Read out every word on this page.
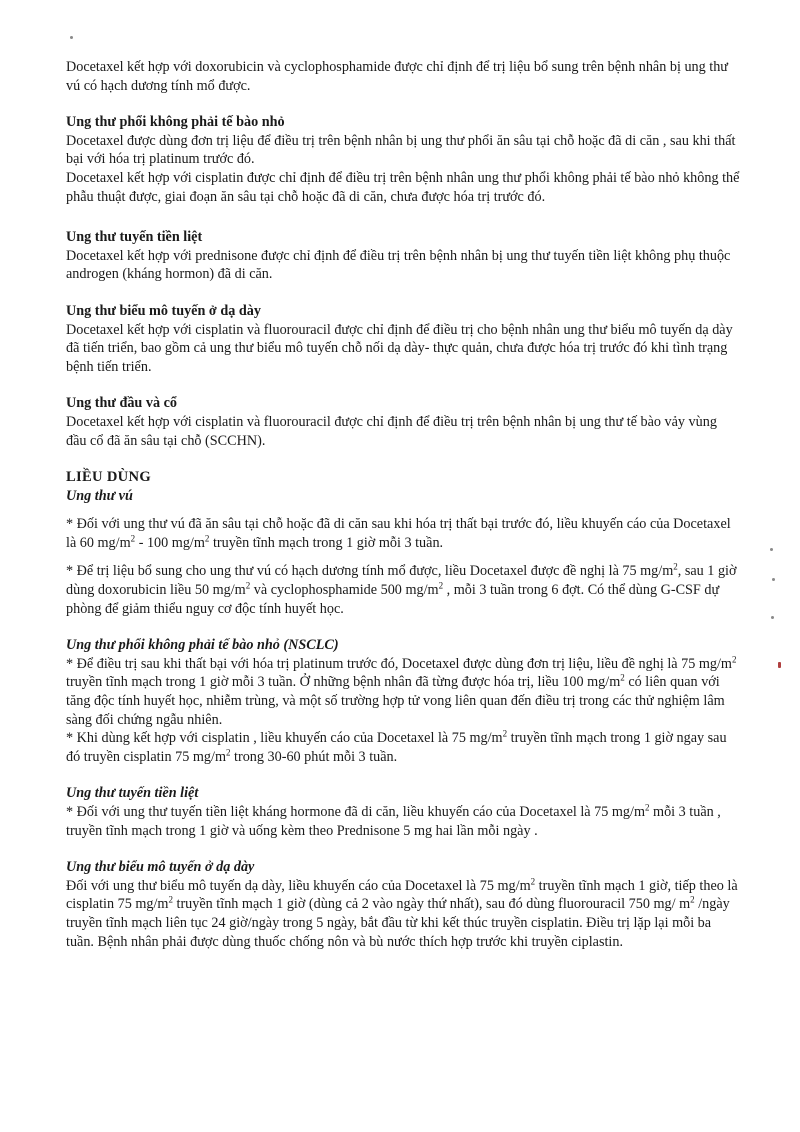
Docetaxel kết hợp với doxorubicin và cyclophosphamide được chỉ định để trị liệu bổ sung trên bệnh nhân bị ung thư vú có hạch dương tính mổ được.

Ung thư phổi không phải tế bào nhỏ

Docetaxel được dùng đơn trị liệu để điều trị trên bệnh nhân bị ung thư phổi ăn sâu tại chỗ hoặc đã di căn , sau khi thất bại với hóa trị platinum trước đó.

Docetaxel kết hợp với cisplatin được chỉ định để điều trị trên bệnh nhân ung thư phổi không phải tế bào nhỏ không thể phẫu thuật được, giai đoạn ăn sâu tại chỗ hoặc đã di căn, chưa được hóa trị trước đó.

Ung thư tuyến tiền liệt

Docetaxel kết hợp với prednisone được chỉ định để điều trị trên bệnh nhân bị ung thư tuyến tiền liệt không phụ thuộc androgen (kháng hormon) đã di căn.

Ung thư biểu mô tuyến ở dạ dày

Docetaxel kết hợp với cisplatin và fluorouracil được chỉ định để điều trị cho bệnh nhân ung thư biểu mô tuyến dạ dày đã tiến triển, bao gồm cả ung thư biểu mô tuyến chỗ nối dạ dày- thực quản, chưa được hóa trị trước đó khi tình trạng bệnh tiến triển.

Ung thư đầu và cổ

Docetaxel kết hợp với cisplatin và fluorouracil được chỉ định để điều trị trên bệnh nhân bị ung thư tế bào vảy vùng đầu cổ đã ăn sâu tại chỗ (SCCHN).

LIỀU DÙNG
Ung thư vú

* Đối với ung thư vú đã ăn sâu tại chỗ hoặc đã di căn sau khi hóa trị thất bại trước đó, liều khuyến cáo của Docetaxel là 60 $mg/m^2 - 100$ $mg/m^2$ truyền tĩnh mạch trong 1 giờ mỗi 3 tuần.

* Để trị liệu bổ sung cho ung thư vú có hạch dương tính mổ được, liều Docetaxel được đề nghị là 75 $mg/m^2$, sau 1 giờ dùng doxorubicin liều 50 $mg/m^2$ và cyclophosphamide 500 $mg/m^2$ , mỗi 3 tuần trong 6 đợt. Có thể dùng G-CSF dự phòng để giảm thiểu nguy cơ độc tính huyết học.

Ung thư phổi không phải tế bào nhỏ (NSCLC)

* Để điều trị sau khi thất bại với hóa trị platinum trước đó, Docetaxel được dùng đơn trị liệu, liều đề nghị là 75 $mg/m^2$ truyền tĩnh mạch trong 1 giờ mỗi 3 tuần. Ở những bệnh nhân đã từng được hóa trị, liều 100 $mg/m^2$ có liên quan với tăng độc tính huyết học, nhiễm trùng, và một số trường hợp tử vong liên quan đến điều trị trong các thử nghiệm lâm sàng đối chứng ngẫu nhiên.

* Khi dùng kết hợp với cisplatin , liều khuyến cáo của Docetaxel là 75 $mg/m^2$ truyền tĩnh mạch trong 1 giờ ngay sau đó truyền cisplatin 75 $mg/m^2$ trong 30-60 phút mỗi 3 tuần.

Ung thư tuyến tiền liệt

* Đối với ung thư tuyến tiền liệt kháng hormone đã di căn, liều khuyến cáo của Docetaxel là 75 $mg/m^2$ mỗi 3 tuần , truyền tĩnh mạch trong 1 giờ và uống kèm theo Prednisone 5 mg hai lần mỗi ngày .

Ung thư biểu mô tuyến ở dạ dày

Đối với ung thư biểu mô tuyến dạ dày, liều khuyến cáo của Docetaxel là 75 $mg/m^2$ truyền tĩnh mạch 1 giờ, tiếp theo là cisplatin 75 $mg/m^2$ truyền tĩnh mạch 1 giờ (dùng cả 2 vào ngày thứ nhất), sau đó dùng fluorouracil 750 mg/ $m^2$ /ngày truyền tĩnh mạch liên tục 24 giờ/ngày trong 5 ngày, bắt đầu từ khi kết thúc truyền cisplatin. Điều trị lặp lại mỗi ba tuần. Bệnh nhân phải được dùng thuốc chống nôn và bù nước thích hợp trước khi truyền ciplastin.
